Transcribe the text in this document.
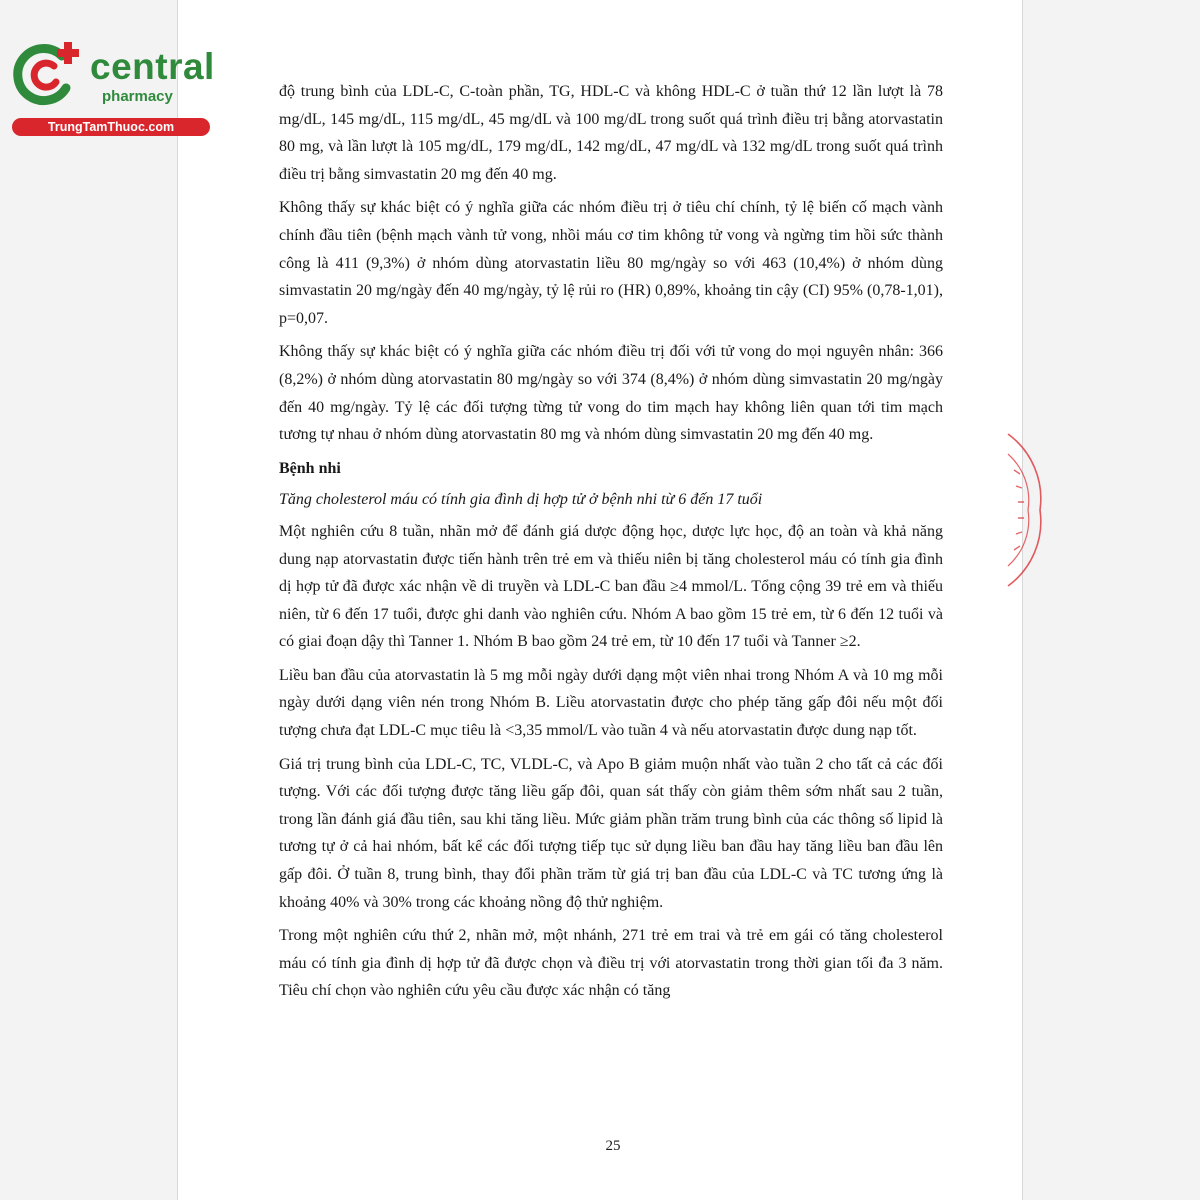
central
pharmacy
TrungTamThuoc.com

độ trung bình của LDL-C, C-toàn phần, TG, HDL-C và không HDL-C ở tuần thứ 12 lần lượt là 78 mg/dL, 145 mg/dL, 115 mg/dL, 45 mg/dL và 100 mg/dL trong suốt quá trình điều trị bằng atorvastatin 80 mg, và lần lượt là 105 mg/dL, 179 mg/dL, 142 mg/dL, 47 mg/dL và 132 mg/dL trong suốt quá trình điều trị bằng simvastatin 20 mg đến 40 mg.

Không thấy sự khác biệt có ý nghĩa giữa các nhóm điều trị ở tiêu chí chính, tỷ lệ biến cố mạch vành chính đầu tiên (bệnh mạch vành tử vong, nhồi máu cơ tim không tử vong và ngừng tim hồi sức thành công là 411 (9,3%) ở nhóm dùng atorvastatin liều 80 mg/ngày so với 463 (10,4%) ở nhóm dùng simvastatin 20 mg/ngày đến 40 mg/ngày, tỷ lệ rủi ro (HR) 0,89%, khoảng tin cậy (CI) 95% (0,78-1,01), p=0,07.

Không thấy sự khác biệt có ý nghĩa giữa các nhóm điều trị đối với tử vong do mọi nguyên nhân: 366 (8,2%) ở nhóm dùng atorvastatin 80 mg/ngày so với 374 (8,4%) ở nhóm dùng simvastatin 20 mg/ngày đến 40 mg/ngày. Tỷ lệ các đối tượng từng tử vong do tim mạch hay không liên quan tới tim mạch tương tự nhau ở nhóm dùng atorvastatin 80 mg và nhóm dùng simvastatin 20 mg đến 40 mg.

Bệnh nhi

Tăng cholesterol máu có tính gia đình dị hợp tử ở bệnh nhi từ 6 đến 17 tuổi

Một nghiên cứu 8 tuần, nhãn mở để đánh giá dược động học, dược lực học, độ an toàn và khả năng dung nạp atorvastatin được tiến hành trên trẻ em và thiếu niên bị tăng cholesterol máu có tính gia đình dị hợp tử đã được xác nhận về di truyền và LDL-C ban đầu ≥4 mmol/L. Tổng cộng 39 trẻ em và thiếu niên, từ 6 đến 17 tuổi, được ghi danh vào nghiên cứu. Nhóm A bao gồm 15 trẻ em, từ 6 đến 12 tuổi và có giai đoạn dậy thì Tanner 1. Nhóm B bao gồm 24 trẻ em, từ 10 đến 17 tuổi và Tanner ≥2.

Liều ban đầu của atorvastatin là 5 mg mỗi ngày dưới dạng một viên nhai trong Nhóm A và 10 mg mỗi ngày dưới dạng viên nén trong Nhóm B. Liều atorvastatin được cho phép tăng gấp đôi nếu một đối tượng chưa đạt LDL-C mục tiêu là <3,35 mmol/L vào tuần 4 và nếu atorvastatin được dung nạp tốt.

Giá trị trung bình của LDL-C, TC, VLDL-C, và Apo B giảm muộn nhất vào tuần 2 cho tất cả các đối tượng. Với các đối tượng được tăng liều gấp đôi, quan sát thấy còn giảm thêm sớm nhất sau 2 tuần, trong lần đánh giá đầu tiên, sau khi tăng liều. Mức giảm phần trăm trung bình của các thông số lipid là tương tự ở cả hai nhóm, bất kể các đối tượng tiếp tục sử dụng liều ban đầu hay tăng liều ban đầu lên gấp đôi. Ở tuần 8, trung bình, thay đổi phần trăm từ giá trị ban đầu của LDL-C và TC tương ứng là khoảng 40% và 30% trong các khoảng nồng độ thử nghiệm.

Trong một nghiên cứu thứ 2, nhãn mở, một nhánh, 271 trẻ em trai và trẻ em gái có tăng cholesterol máu có tính gia đình dị hợp tử đã được chọn và điều trị với atorvastatin trong thời gian tối đa 3 năm. Tiêu chí chọn vào nghiên cứu yêu cầu được xác nhận có tăng

25
